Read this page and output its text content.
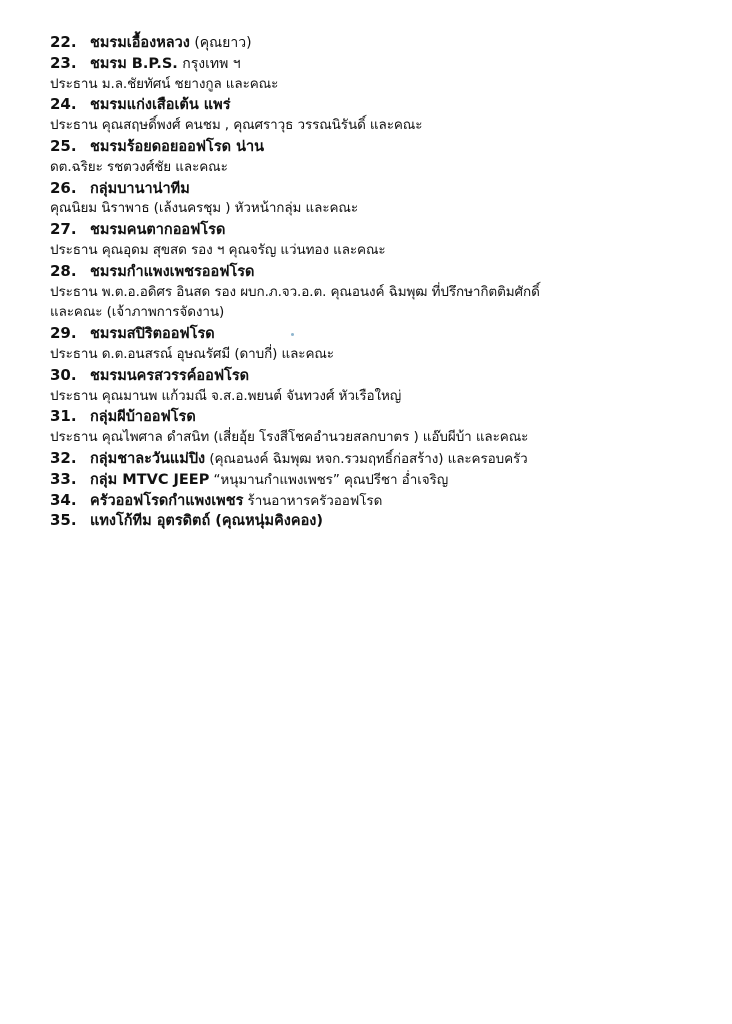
22. ชมรมเอื้องหลวง (คุณยาว)
23. ชมรม B.P.S. กรุงเทพ ฯ
ประธาน ม.ล.ชัยทัศน์ ชยางกูล และคณะ
24. ชมรมแก่งเสือเต้น แพร่
ประธาน คุณสฤษดิ์พงศ์ คนชม , คุณศราวุธ วรรณนิรันดิ์ และคณะ
25. ชมรมร้อยดอยออฟโรด น่าน
ดต.ฉริยะ รชตวงศ์ชัย และคณะ
26. กลุ่มบานาน่าทีม
คุณนิยม นิราพาธ (เล้งนครชุม ) หัวหน้ากลุ่ม และคณะ
27. ชมรมคนตากออฟโรด
ประธาน คุณอุดม สุขสด รอง ฯ คุณจรัญ แว่นทอง และคณะ
28. ชมรมกำแพงเพชรออฟโรด
ประธาน พ.ต.อ.อดิศร อินสด รอง ผบก.ภ.จว.อ.ต. คุณอนงค์ ฉิมพุฒ ที่ปรึกษากิตติมศักดิ์
และคณะ (เจ้าภาพการจัดงาน)
29. ชมรมสปิริตออฟโรด
ประธาน ด.ต.อนสรณ์ อุษณรัศมี (ดาบกี่) และคณะ
30. ชมรมนครสวรรค์ออฟโรด
ประธาน คุณมานพ แก้วมณี จ.ส.อ.พยนต์ จันทวงศ์ หัวเรือใหญ่
31. กลุ่มผีบ้าออฟโรด
ประธาน คุณไพศาล ดำสนิท (เสี่ยอุ้ย โรงสีโชคอำนวยสลกบาตร ) แอ๊บผีบ้า และคณะ
32. กลุ่มชาละวันแม่ปิง (คุณอนงค์ ฉิมพุฒ หจก.รวมฤทธิ์ก่อสร้าง) และครอบครัว
33. กลุ่ม MTVC JEEP “หนุมานกำแพงเพชร” คุณปรีชา อ่ำเจริญ
34. ครัวออฟโรดกำแพงเพชร ร้านอาหารครัวออฟโรด
35. แทงโก้ทีม อุตรดิตถ์ (คุณหนุ่มคิงคอง)
